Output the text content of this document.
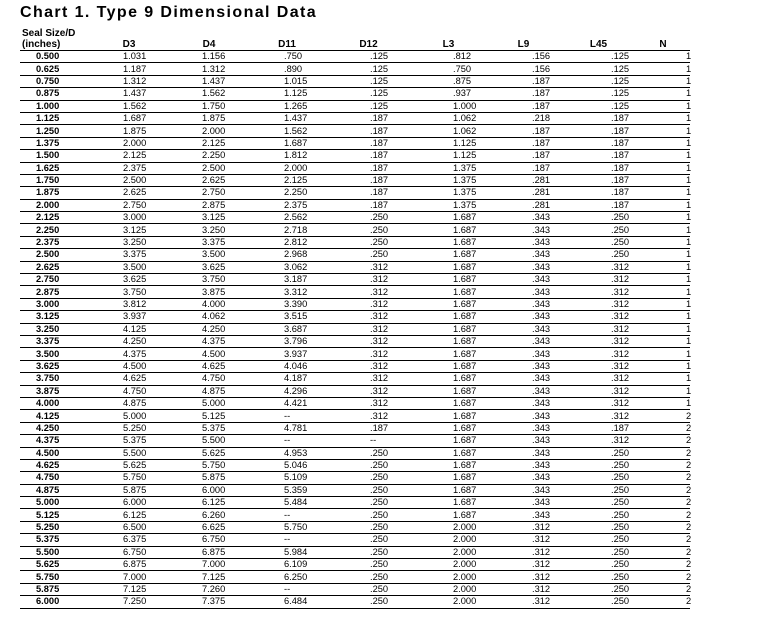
Chart 1. Type 9 Dimensional Data
Seal Size/D
(inches)	D3	D4	D11	D12	L3	L9	L45	N
0.500	1.031	1.156	.750	.125	.812	.156	.125	1
0.625	1.187	1.312	.890	.125	.750	.156	.125	1
0.750	1.312	1.437	1.015	.125	.875	.187	.125	1
0.875	1.437	1.562	1.125	.125	.937	.187	.125	1
1.000	1.562	1.750	1.265	.125	1.000	.187	.125	1
1.125	1.687	1.875	1.437	.187	1.062	.218	.187	1
1.250	1.875	2.000	1.562	.187	1.062	.187	.187	1
1.375	2.000	2.125	1.687	.187	1.125	.187	.187	1
1.500	2.125	2.250	1.812	.187	1.125	.187	.187	1
1.625	2.375	2.500	2.000	.187	1.375	.187	.187	1
1.750	2.500	2.625	2.125	.187	1.375	.281	.187	1
1.875	2.625	2.750	2.250	.187	1.375	.281	.187	1
2.000	2.750	2.875	2.375	.187	1.375	.281	.187	1
2.125	3.000	3.125	2.562	.250	1.687	.343	.250	1
2.250	3.125	3.250	2.718	.250	1.687	.343	.250	1
2.375	3.250	3.375	2.812	.250	1.687	.343	.250	1
2.500	3.375	3.500	2.968	.250	1.687	.343	.250	1
2.625	3.500	3.625	3.062	.312	1.687	.343	.312	1
2.750	3.625	3.750	3.187	.312	1.687	.343	.312	1
2.875	3.750	3.875	3.312	.312	1.687	.343	.312	1
3.000	3.812	4.000	3.390	.312	1.687	.343	.312	1
3.125	3.937	4.062	3.515	.312	1.687	.343	.312	1
3.250	4.125	4.250	3.687	.312	1.687	.343	.312	1
3.375	4.250	4.375	3.796	.312	1.687	.343	.312	1
3.500	4.375	4.500	3.937	.312	1.687	.343	.312	1
3.625	4.500	4.625	4.046	.312	1.687	.343	.312	1
3.750	4.625	4.750	4.187	.312	1.687	.343	.312	1
3.875	4.750	4.875	4.296	.312	1.687	.343	.312	1
4.000	4.875	5.000	4.421	.312	1.687	.343	.312	1
4.125	5.000	5.125	--	.312	1.687	.343	.312	2
4.250	5.250	5.375	4.781	.187	1.687	.343	.187	2
4.375	5.375	5.500	--	--	1.687	.343	.312	2
4.500	5.500	5.625	4.953	.250	1.687	.343	.250	2
4.625	5.625	5.750	5.046	.250	1.687	.343	.250	2
4.750	5.750	5.875	5.109	.250	1.687	.343	.250	2
4.875	5.875	6.000	5.359	.250	1.687	.343	.250	2
5.000	6.000	6.125	5.484	.250	1.687	.343	.250	2
5.125	6.125	6.260	--	.250	1.687	.343	.250	2
5.250	6.500	6.625	5.750	.250	2.000	.312	.250	2
5.375	6.375	6.750	--	.250	2.000	.312	.250	2
5.500	6.750	6.875	5.984	.250	2.000	.312	.250	2
5.625	6.875	7.000	6.109	.250	2.000	.312	.250	2
5.750	7.000	7.125	6.250	.250	2.000	.312	.250	2
5.875	7.125	7.260	--	.250	2.000	.312	.250	2
6.000	7.250	7.375	6.484	.250	2.000	.312	.250	2
